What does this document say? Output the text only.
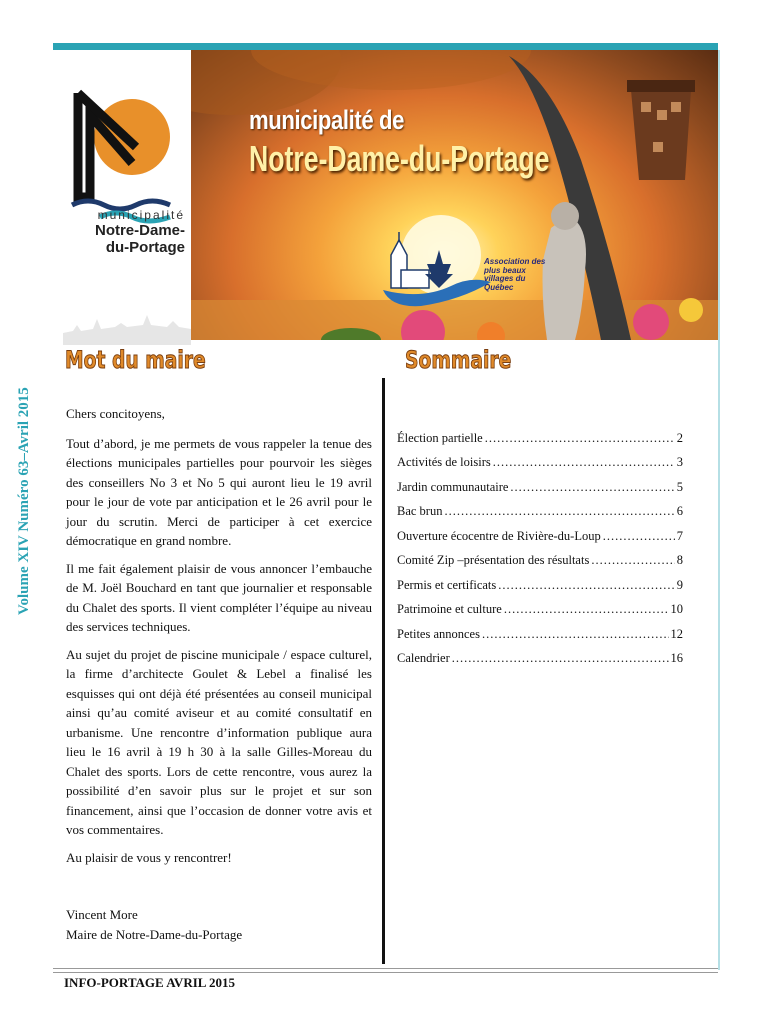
Volume XIV Numéro 63–Avril 2015
municipalité
Notre-Dame-
du-Portage
municipalité de
Notre-Dame-du-Portage
Association des plus beaux villages du Québec
Mot du maire	Sommaire

Chers concitoyens,

Tout d’abord, je me permets de vous rappeler la tenue des élections municipales partielles pour pourvoir les sièges des conseillers No 3 et No 5 qui auront lieu le 19 avril pour le jour de vote par anticipation et le 26 avril pour le jour du scrutin. Merci de participer à cet exercice démocratique en grand nombre.

Il me fait également plaisir de vous annoncer l’embauche de M. Joël Bouchard en tant que journalier et responsable du Chalet des sports. Il vient compléter l’équipe au niveau des services techniques.

Au sujet du projet de piscine municipale / espace culturel, la firme d’architecte Goulet & Lebel a finalisé les esquisses qui ont déjà été présentées au conseil municipal ainsi qu’au comité aviseur et au comité consultatif en urbanisme. Une rencontre d’information publique aura lieu le 16 avril à 19 h 30 à la salle Gilles-Moreau du Chalet des sports. Lors de cette rencontre, vous aurez la possibilité d’en savoir plus sur le projet et sur son financement, ainsi que l’occasion de donner votre avis et vos commentaires.

Au plaisir de vous y rencontrer!

Vincent More
Maire de Notre-Dame-du-Portage
Élection partielle .....	2
Activités de loisirs .....	3
Jardin communautaire .....	5
Bac brun .....	6
Ouverture écocentre de Rivière-du-Loup .....	7
Comité Zip –présentation des résultats .....	8
Permis et certificats .....	9
Patrimoine et culture .....	10
Petites annonces .....	12
Calendrier .....	16
INFO-PORTAGE AVRIL 2015
